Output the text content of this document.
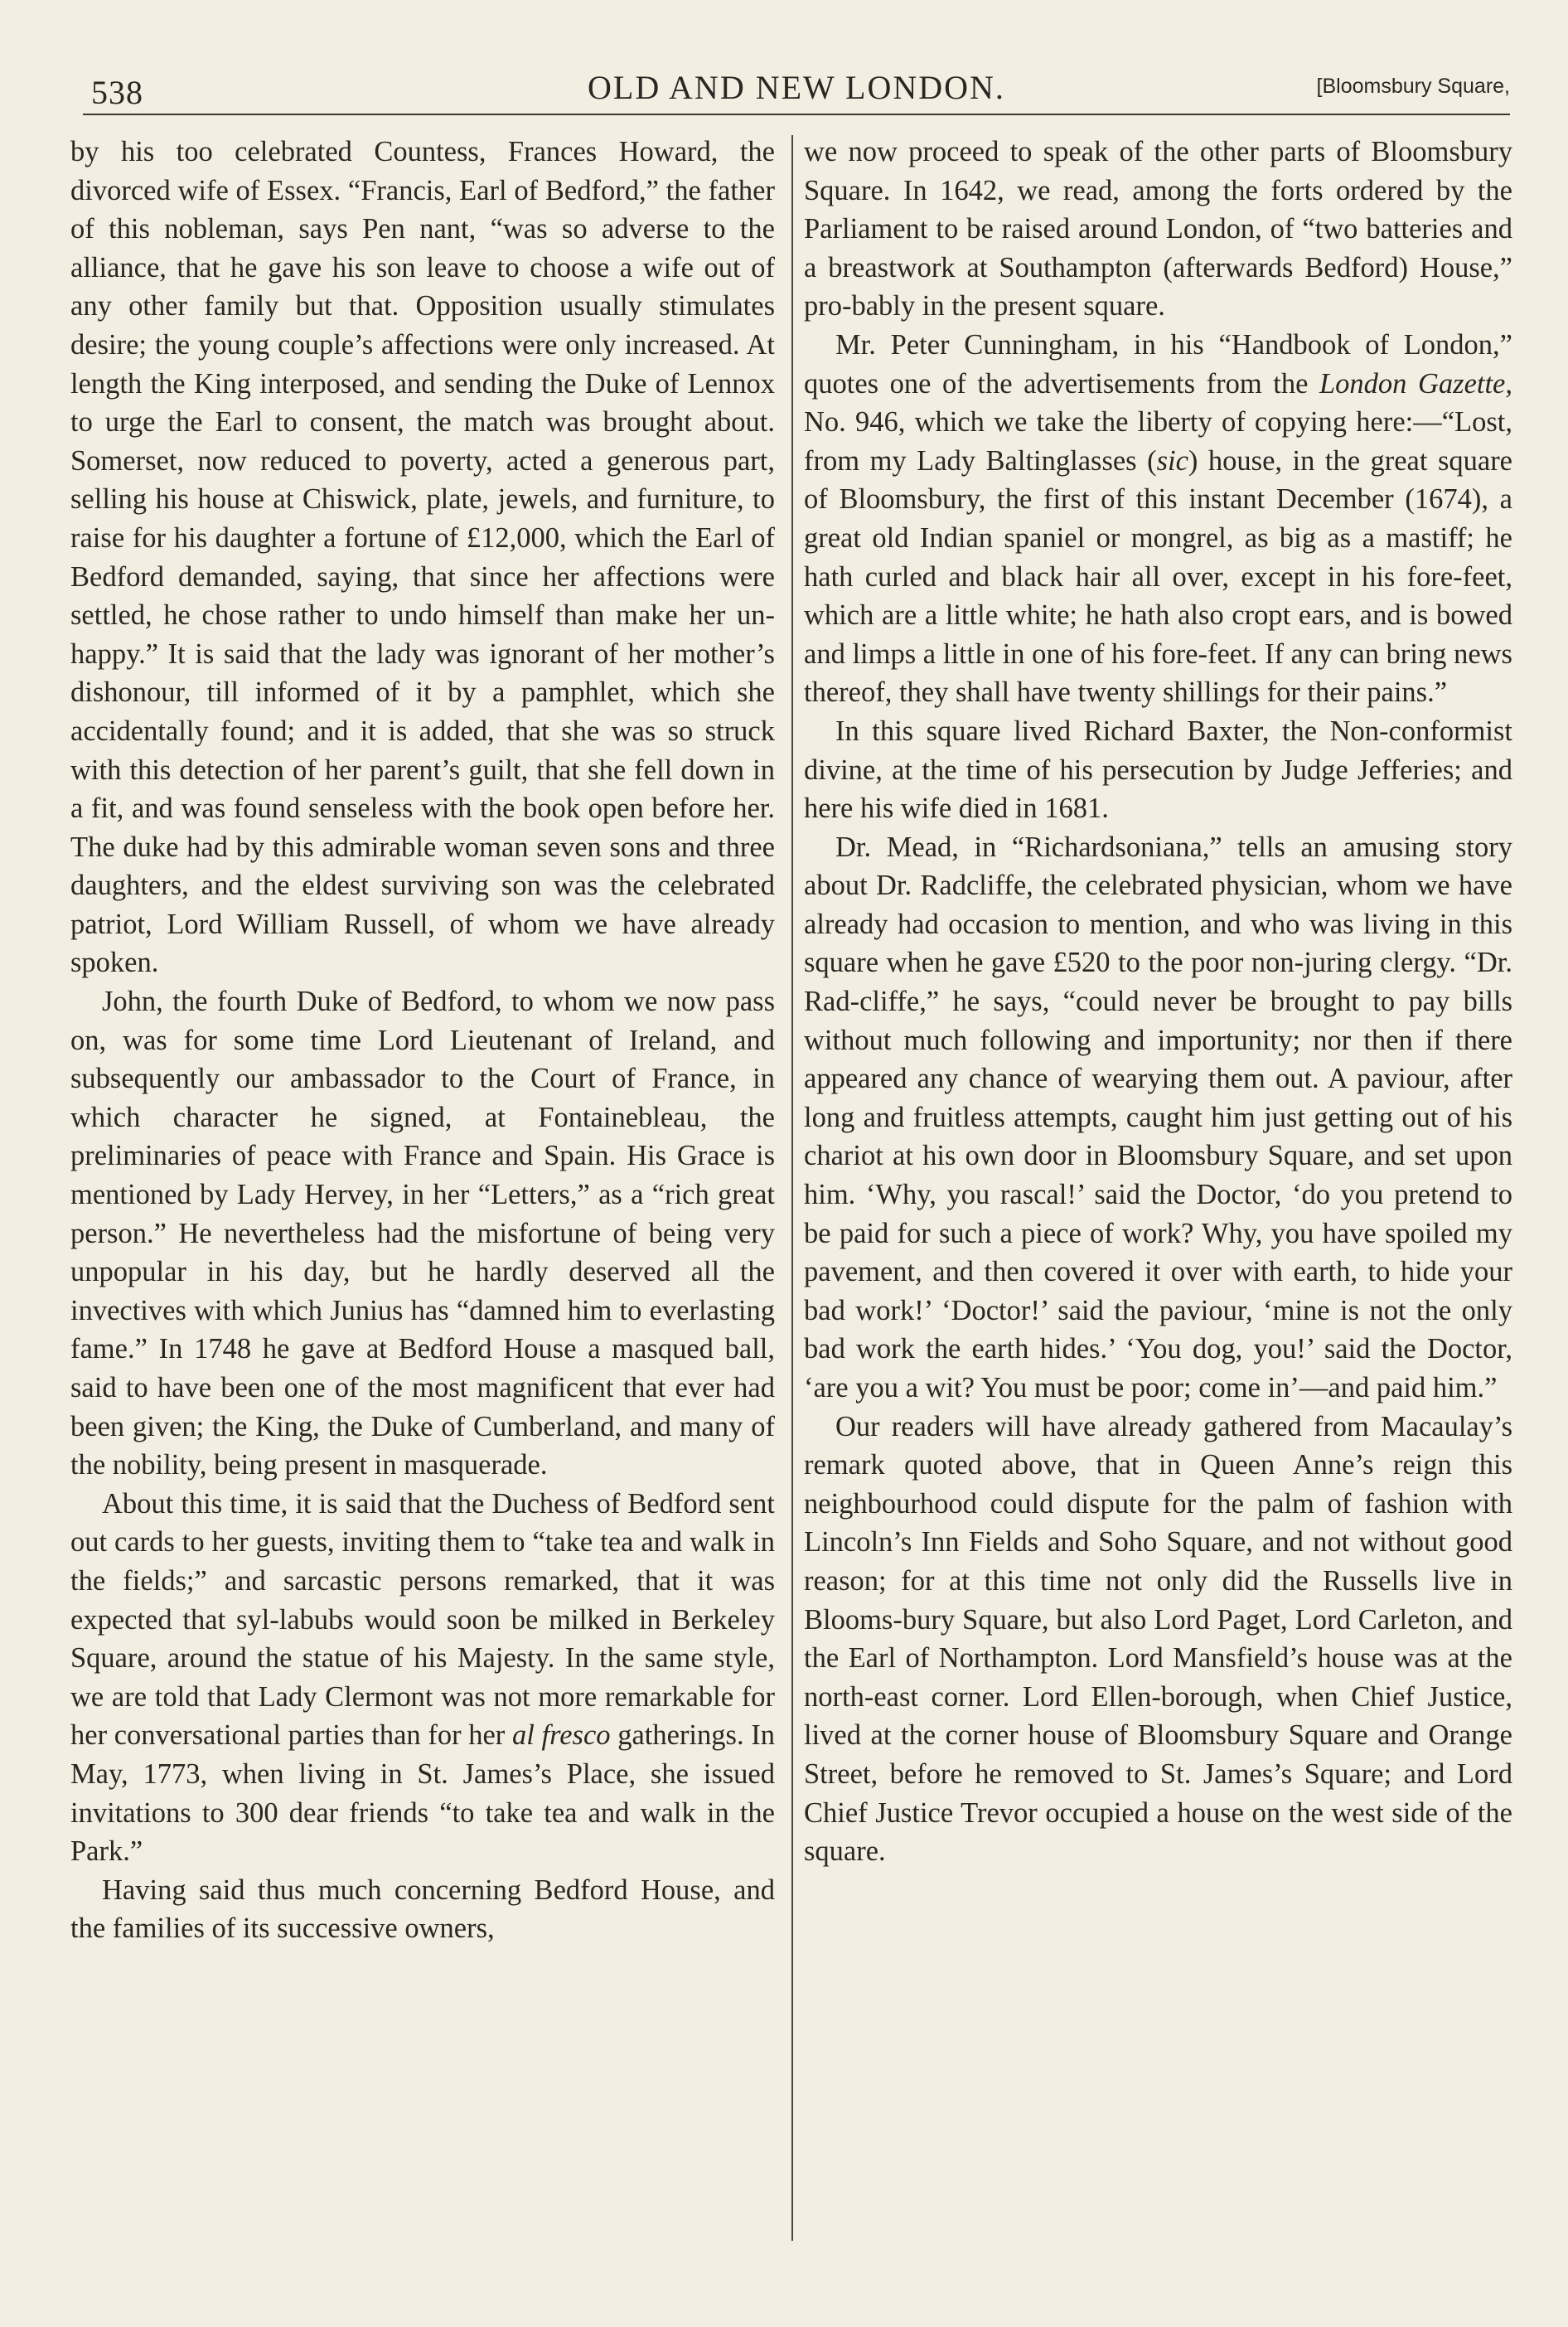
538	OLD AND NEW LONDON.	[Bloomsbury Square,

by his too celebrated Countess, Frances Howard, the divorced wife of Essex. “Francis, Earl of Bedford,” the father of this nobleman, says Pen nant, “was so adverse to the alliance, that he gave his son leave to choose a wife out of any other family but that. Opposition usually stimulates desire; the young couple’s affections were only increased. At length the King interposed, and sending the Duke of Lennox to urge the Earl to consent, the match was brought about. Somerset, now reduced to poverty, acted a generous part, selling his house at Chiswick, plate, jewels, and furniture, to raise for his daughter a fortune of £12,000, which the Earl of Bedford demanded, saying, that since her affections were settled, he chose rather to undo himself than make her un-happy.” It is said that the lady was ignorant of her mother’s dishonour, till informed of it by a pamphlet, which she accidentally found; and it is added, that she was so struck with this detection of her parent’s guilt, that she fell down in a fit, and was found senseless with the book open before her. The duke had by this admirable woman seven sons and three daughters, and the eldest surviving son was the celebrated patriot, Lord William Russell, of whom we have already spoken.

John, the fourth Duke of Bedford, to whom we now pass on, was for some time Lord Lieutenant of Ireland, and subsequently our ambassador to the Court of France, in which character he signed, at Fontainebleau, the preliminaries of peace with France and Spain. His Grace is mentioned by Lady Hervey, in her “Letters,” as a “rich great person.” He nevertheless had the misfortune of being very unpopular in his day, but he hardly deserved all the invectives with which Junius has “damned him to everlasting fame.” In 1748 he gave at Bedford House a masqued ball, said to have been one of the most magnificent that ever had been given; the King, the Duke of Cumberland, and many of the nobility, being present in masquerade.

About this time, it is said that the Duchess of Bedford sent out cards to her guests, inviting them to “take tea and walk in the fields;” and sarcastic persons remarked, that it was expected that syl-labubs would soon be milked in Berkeley Square, around the statue of his Majesty. In the same style, we are told that Lady Clermont was not more remarkable for her conversational parties than for her al fresco gatherings. In May, 1773, when living in St. James’s Place, she issued invitations to 300 dear friends “to take tea and walk in the Park.”

Having said thus much concerning Bedford House, and the families of its successive owners,

we now proceed to speak of the other parts of Bloomsbury Square. In 1642, we read, among the forts ordered by the Parliament to be raised around London, of “two batteries and a breastwork at Southampton (afterwards Bedford) House,” pro-bably in the present square.

Mr. Peter Cunningham, in his “Handbook of London,” quotes one of the advertisements from the London Gazette, No. 946, which we take the liberty of copying here:—“Lost, from my Lady Baltinglasses (sic) house, in the great square of Bloomsbury, the first of this instant December (1674), a great old Indian spaniel or mongrel, as big as a mastiff; he hath curled and black hair all over, except in his fore-feet, which are a little white; he hath also cropt ears, and is bowed and limps a little in one of his fore-feet. If any can bring news thereof, they shall have twenty shillings for their pains.”

In this square lived Richard Baxter, the Non-conformist divine, at the time of his persecution by Judge Jefferies; and here his wife died in 1681.

Dr. Mead, in “Richardsoniana,” tells an amusing story about Dr. Radcliffe, the celebrated physician, whom we have already had occasion to mention, and who was living in this square when he gave £520 to the poor non-juring clergy. “Dr. Rad-cliffe,” he says, “could never be brought to pay bills without much following and importunity; nor then if there appeared any chance of wearying them out. A paviour, after long and fruitless attempts, caught him just getting out of his chariot at his own door in Bloomsbury Square, and set upon him. ‘Why, you rascal!’ said the Doctor, ‘do you pretend to be paid for such a piece of work? Why, you have spoiled my pavement, and then covered it over with earth, to hide your bad work!’ ‘Doctor!’ said the paviour, ‘mine is not the only bad work the earth hides.’ ‘You dog, you!’ said the Doctor, ‘are you a wit? You must be poor; come in’—and paid him.”

Our readers will have already gathered from Macaulay’s remark quoted above, that in Queen Anne’s reign this neighbourhood could dispute for the palm of fashion with Lincoln’s Inn Fields and Soho Square, and not without good reason; for at this time not only did the Russells live in Blooms-bury Square, but also Lord Paget, Lord Carleton, and the Earl of Northampton. Lord Mansfield’s house was at the north-east corner. Lord Ellen-borough, when Chief Justice, lived at the corner house of Bloomsbury Square and Orange Street, before he removed to St. James’s Square; and Lord Chief Justice Trevor occupied a house on the west side of the square.
